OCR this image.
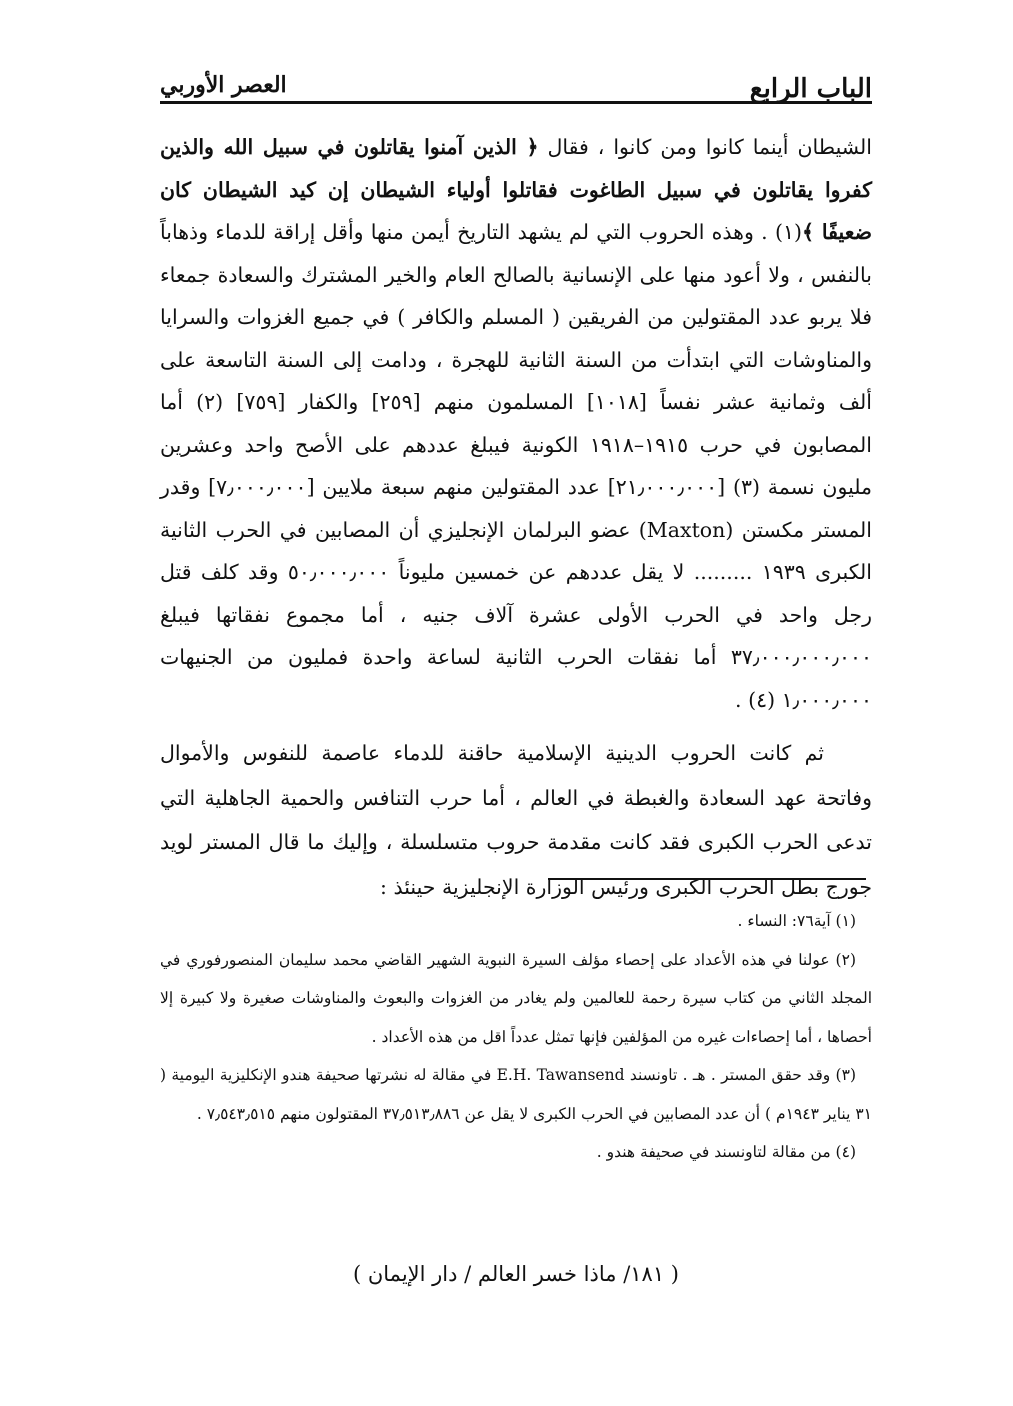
الباب الرابع
العصر الأوربي

الشيطان أينما كانوا ومن كانوا ، فقال ﴿ الذين آمنوا يقاتلون في سبيل الله والذين كفروا يقاتلون في سبيل الطاغوت فقاتلوا أولياء الشيطان إن كيد الشيطان كان ضعيفًا ﴾(١) . وهذه الحروب التي لم يشهد التاريخ أيمن منها وأقل إراقة للدماء وذهاباً بالنفس ، ولا أعود منها على الإنسانية بالصالح العام والخير المشترك والسعادة جمعاء فلا يربو عدد المقتولين من الفريقين ( المسلم والكافر ) في جميع الغزوات والسرايا والمناوشات التي ابتدأت من السنة الثانية للهجرة ، ودامت إلى السنة التاسعة على ألف وثمانية عشر نفساً [١٠١٨] المسلمون منهم [٢٥٩] والكفار [٧٥٩] (٢) أما المصابون في حرب ١٩١٥–١٩١٨ الكونية فيبلغ عددهم على الأصح واحد وعشرين مليون نسمة (٣) [٢١٫٠٠٠٫٠٠٠] عدد المقتولين منهم سبعة ملايين [٧٫٠٠٠٫٠٠٠] وقدر المستر مكستن (Maxton) عضو البرلمان الإنجليزي أن المصابين في الحرب الثانية الكبرى ١٩٣٩ ......... لا يقل عددهم عن خمسين مليوناً ٥٠٫٠٠٠٫٠٠٠ وقد كلف قتل رجل واحد في الحرب الأولى عشرة آلاف جنيه ، أما مجموع نفقاتها فيبلغ ٣٧٫٠٠٠٫٠٠٠٫٠٠٠ أما نفقات الحرب الثانية لساعة واحدة فمليون من الجنيهات ١٫٠٠٠٫٠٠٠ (٤) .

ثم كانت الحروب الدينية الإسلامية حاقنة للدماء عاصمة للنفوس والأموال وفاتحة عهد السعادة والغبطة في العالم ، أما حرب التنافس والحمية الجاهلية التي تدعى الحرب الكبرى فقد كانت مقدمة حروب متسلسلة ، وإليك ما قال المستر لويد جورج بطل الحرب الكبرى ورئيس الوزارة الإنجليزية حينئذ :

(١) آية٧٦: النساء .

(٢) عولنا في هذه الأعداد على إحصاء مؤلف السيرة النبوية الشهير القاضي محمد سليمان المنصورفوري في المجلد الثاني من كتاب سيرة رحمة للعالمين ولم يغادر من الغزوات والبعوث والمناوشات صغيرة ولا كبيرة إلا أحصاها ، أما إحصاءات غيره من المؤلفين فإنها تمثل عدداً اقل من هذه الأعداد .

(٣) وقد حقق المستر . هـ . تاونسند E.H. Tawansend في مقالة له نشرتها صحيفة هندو الإنكليزية اليومية ( ٣١ يناير ١٩٤٣م ) أن عدد المصابين في الحرب الكبرى لا يقل عن ٣٧٫٥١٣٫٨٨٦ المقتولون منهم ٧٫٥٤٣٫٥١٥ .

(٤) من مقالة لتاونسند في صحيفة هندو .

( ١٨١/ ماذا خسر العالم / دار الإيمان )
